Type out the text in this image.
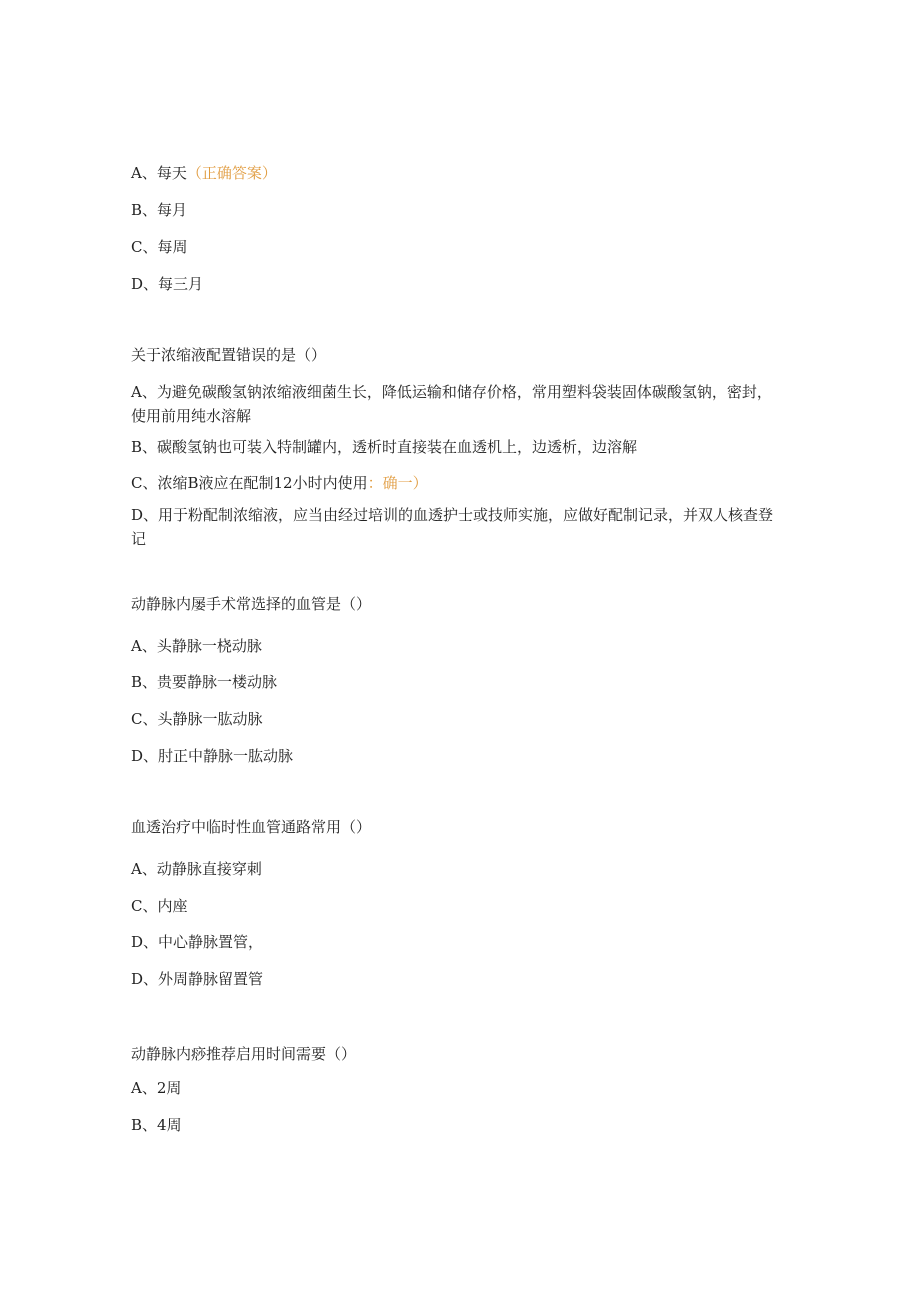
A、每天（正确答案）
B、每月
C、每周
D、每三月
关于浓缩液配置错误的是（）
A、为避免碳酸氢钠浓缩液细菌生长，降低运输和储存价格，常用塑料袋装固体碳酸氢钠，密封，使用前用纯水溶解
B、碳酸氢钠也可装入特制罐内，透析时直接装在血透机上，边透析，边溶解
C、浓缩B液应在配制12小时内使用：确一）
D、用于粉配制浓缩液，应当由经过培训的血透护士或技师实施，应做好配制记录，并双人核查登记
动静脉内屡手术常选择的血管是（）
A、头静脉一桡动脉
B、贵要静脉一楼动脉
C、头静脉一肱动脉
D、肘正中静脉一肱动脉
血透治疗中临时性血管通路常用（）
A、动静脉直接穿刺
C、内座
D、中心静脉置管，
D、外周静脉留置管
动静脉内痧推荐启用时间需要（）
A、2周
B、4周
